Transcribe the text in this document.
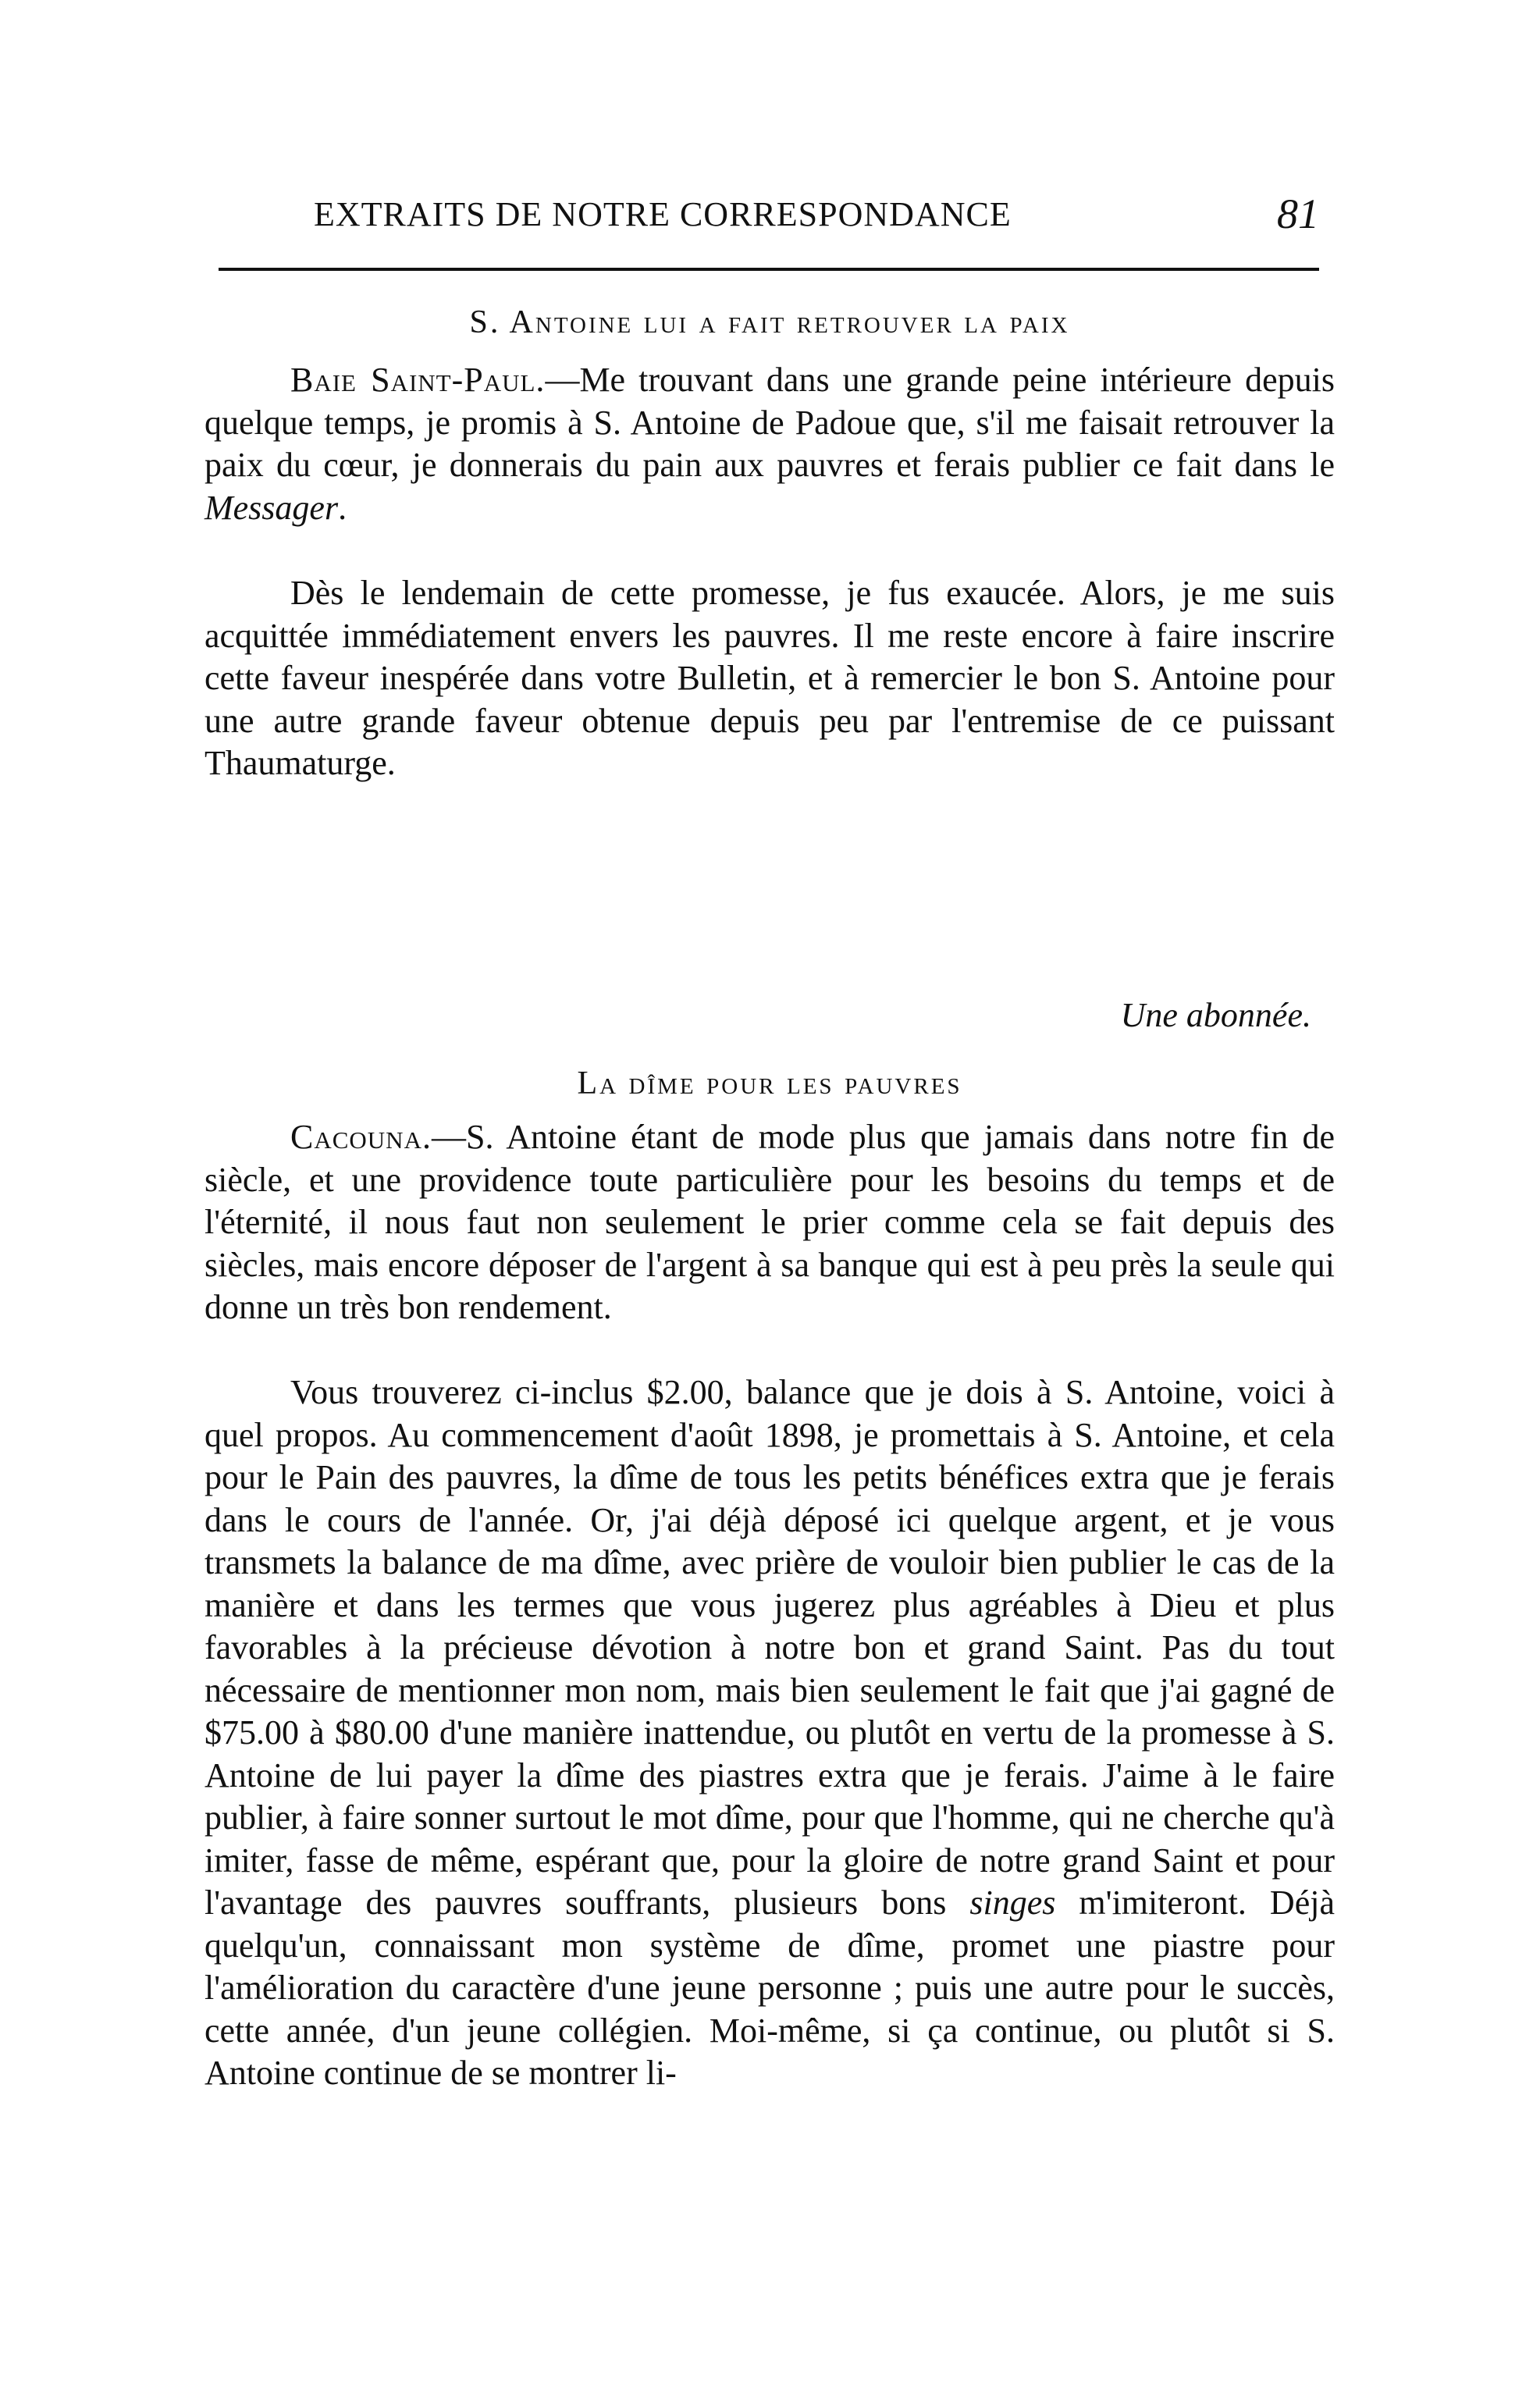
EXTRAITS DE NOTRE CORRESPONDANCE	81
S. Antoine lui a fait retrouver la paix

Baie Saint-Paul.—Me trouvant dans une grande peine intérieure depuis quelque temps, je promis à S. Antoine de Padoue que, s'il me faisait retrouver la paix du cœur, je donnerais du pain aux pauvres et ferais publier ce fait dans le Messager.

Dès le lendemain de cette promesse, je fus exaucée. Alors, je me suis acquittée immédiatement envers les pauvres. Il me reste encore à faire inscrire cette faveur inespérée dans votre Bulletin, et à remercier le bon S. Antoine pour une autre grande faveur obtenue depuis peu par l'entremise de ce puissant Thaumaturge.

Une abonnée.
La dîme pour les pauvres

Cacouna.—S. Antoine étant de mode plus que jamais dans notre fin de siècle, et une providence toute particulière pour les besoins du temps et de l'éternité, il nous faut non seulement le prier comme cela se fait depuis des siècles, mais encore déposer de l'argent à sa banque qui est à peu près la seule qui donne un très bon rendement.

Vous trouverez ci-inclus $2.00, balance que je dois à S. Antoine, voici à quel propos. Au commencement d'août 1898, je promettais à S. Antoine, et cela pour le Pain des pauvres, la dîme de tous les petits bénéfices extra que je ferais dans le cours de l'année. Or, j'ai déjà déposé ici quelque argent, et je vous transmets la balance de ma dîme, avec prière de vouloir bien publier le cas de la manière et dans les termes que vous jugerez plus agréables à Dieu et plus favorables à la précieuse dévotion à notre bon et grand Saint. Pas du tout nécessaire de mentionner mon nom, mais bien seulement le fait que j'ai gagné de $75.00 à $80.00 d'une manière inattendue, ou plutôt en vertu de la promesse à S. Antoine de lui payer la dîme des piastres extra que je ferais. J'aime à le faire publier, à faire sonner surtout le mot dîme, pour que l'homme, qui ne cherche qu'à imiter, fasse de même, espérant que, pour la gloire de notre grand Saint et pour l'avantage des pauvres souffrants, plusieurs bons singes m'imiteront. Déjà quelqu'un, connaissant mon système de dîme, promet une piastre pour l'amélioration du caractère d'une jeune personne ; puis une autre pour le succès, cette année, d'un jeune collégien. Moi-même, si ça continue, ou plutôt si S. Antoine continue de se montrer li-
